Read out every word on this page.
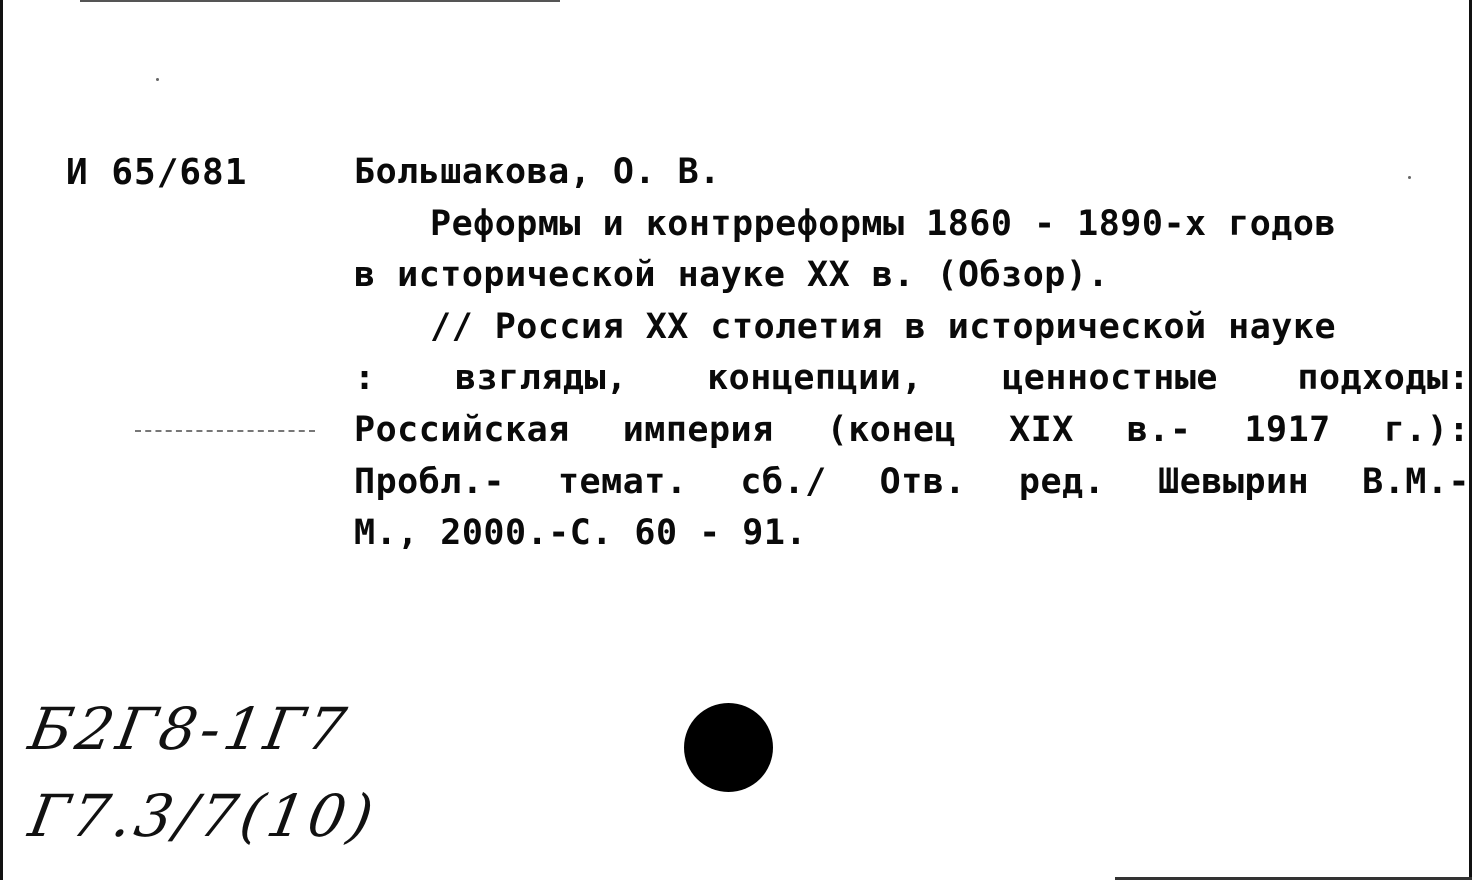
И 65/681	Большакова, О. В.
Реформы и контрреформы 1860 - 1890-х годов
в исторической науке XX в. (Обзор).
// Россия XX столетия в исторической науке
: взгляды, концепции, ценностные подходы:
Российская империя (конец XIX в.- 1917 г.):
Пробл.- темат. сб./ Отв. ред. Шевырин В.М.-
М., 2000.-С. 60 - 91.
Б2Г8-1Г7
Г7.3/7(10)
